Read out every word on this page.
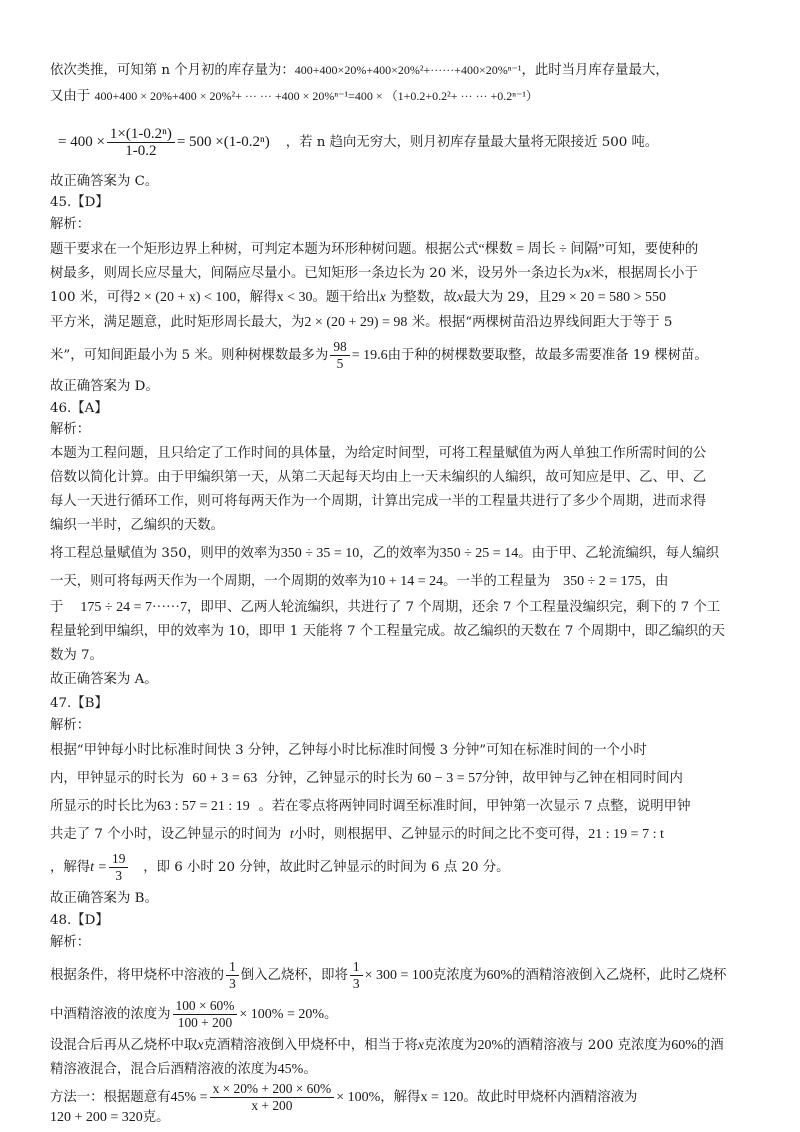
依次类推，可知第 n 个月初的库存量为：400+400×20%+400×20%²+······+400×20%ⁿ⁻¹，此时当月库存量最大，
又由于 400+400 × 20%+400 × 20%²+ ··· ··· +400 × 20%ⁿ⁻¹=400 × （1+0.2+0.2²+ ··· ··· +0.2ⁿ⁻¹）
= $400 \times \frac{\text{1×(1-0.2ⁿ)}}{1-0.2} = 500 \times(1-0.2^n)$ ，若 n 趋向无穷大，则月初库存量最大量将无限接近 500 吨。
故正确答案为 C。
45.【D】
解析：
题干要求在一个矩形边界上种树，可判定本题为环形种树问题。根据公式“棵数 = 周长 ÷ 间隔”可知，要使种的
树最多，则周长应尽量大，间隔应尽量小。已知矩形一条边长为 20 米，设另外一条边长为x米，根据周长小于
100 米，可得2 × (20 + x) < 100，解得x < 30。题干给出x 为整数，故x最大为 29，且29 × 20 = 580 > 550
平方米，满足题意，此时矩形周长最大，为2 × (20 + 29) = 98 米。根据“两棵树苗沿边界线间距大于等于 5
米”，可知间距最小为 5 米。则种树棵数最多为 $\frac{98}{5} = 19.6$由于种的树棵数要取整，故最多需要准备 19 棵树苗。
故正确答案为 D。
46.【A】
解析：
本题为工程问题，且只给定了工作时间的具体量，为给定时间型，可将工程量赋值为两人单独工作所需时间的公
倍数以简化计算。由于甲编织第一天，从第二天起每天均由上一天未编织的人编织，故可知应是甲、乙、甲、乙
每人一天进行循环工作，则可将每两天作为一个周期，计算出完成一半的工程量共进行了多少个周期，进而求得
编织一半时，乙编织的天数。
将工程总量赋值为 350，则甲的效率为350 ÷ 35 = 10，乙的效率为350 ÷ 25 = 14。由于甲、乙轮流编织，每人编织
一天，则可将每两天作为一个周期，一个周期的效率为10 + 14 = 24。一半的工程量为 350 ÷ 2 = 175，由
于 175 ÷ 24 = 7······7，即甲、乙两人轮流编织，共进行了 7 个周期，还余 7 个工程量没编织完，剩下的 7 个工
程量轮到甲编织，甲的效率为 10，即甲 1 天能将 7 个工程量完成。故乙编织的天数在 7 个周期中，即乙编织的天
数为 7。
故正确答案为 A。
47.【B】
解析：
根据“甲钟每小时比标准时间快 3 分钟，乙钟每小时比标准时间慢 3 分钟”可知在标准时间的一个小时
内，甲钟显示的时长为 60 + 3 = 63 分钟，乙钟显示的时长为 60 − 3 = 57分钟，故甲钟与乙钟在相同时间内
所显示的时长比为63 : 57 = 21 : 19 。若在零点将两钟同时调至标准时间，甲钟第一次显示 7 点整，说明甲钟
共走了 7 个小时，设乙钟显示的时间为 t小时，则根据甲、乙钟显示的时间之比不变可得，21 : 19 = 7 : t
，解得$t = \frac{19}{3}$ ，即 6 小时 20 分钟，故此时乙钟显示的时间为 6 点 20 分。
故正确答案为 B。
48.【D】
解析：
根据条件，将甲烧杯中溶液的 $\frac{1}{3}$ 倒入乙烧杯，即将 $\frac{1}{3} \times 300 = 100$克浓度为60%的酒精溶液倒入乙烧杯，此时乙烧杯
中酒精溶液的浓度为 $\frac{100 \times 60\%}{100 + 200} \times 100\% = 20\%$。
设混合后再从乙烧杯中取x克酒精溶液倒入甲烧杯中，相当于将x克浓度为20%的酒精溶液与 200 克浓度为60%的酒
精溶液混合，混合后酒精溶液的浓度为45%。
方法一：根据题意有$45\% = \frac{x \times 20\% + 200 \times 60\%}{x + 200} \times 100\%$，解得x = 120。故此时甲烧杯内酒精溶液为
120 + 200 = 320克。
